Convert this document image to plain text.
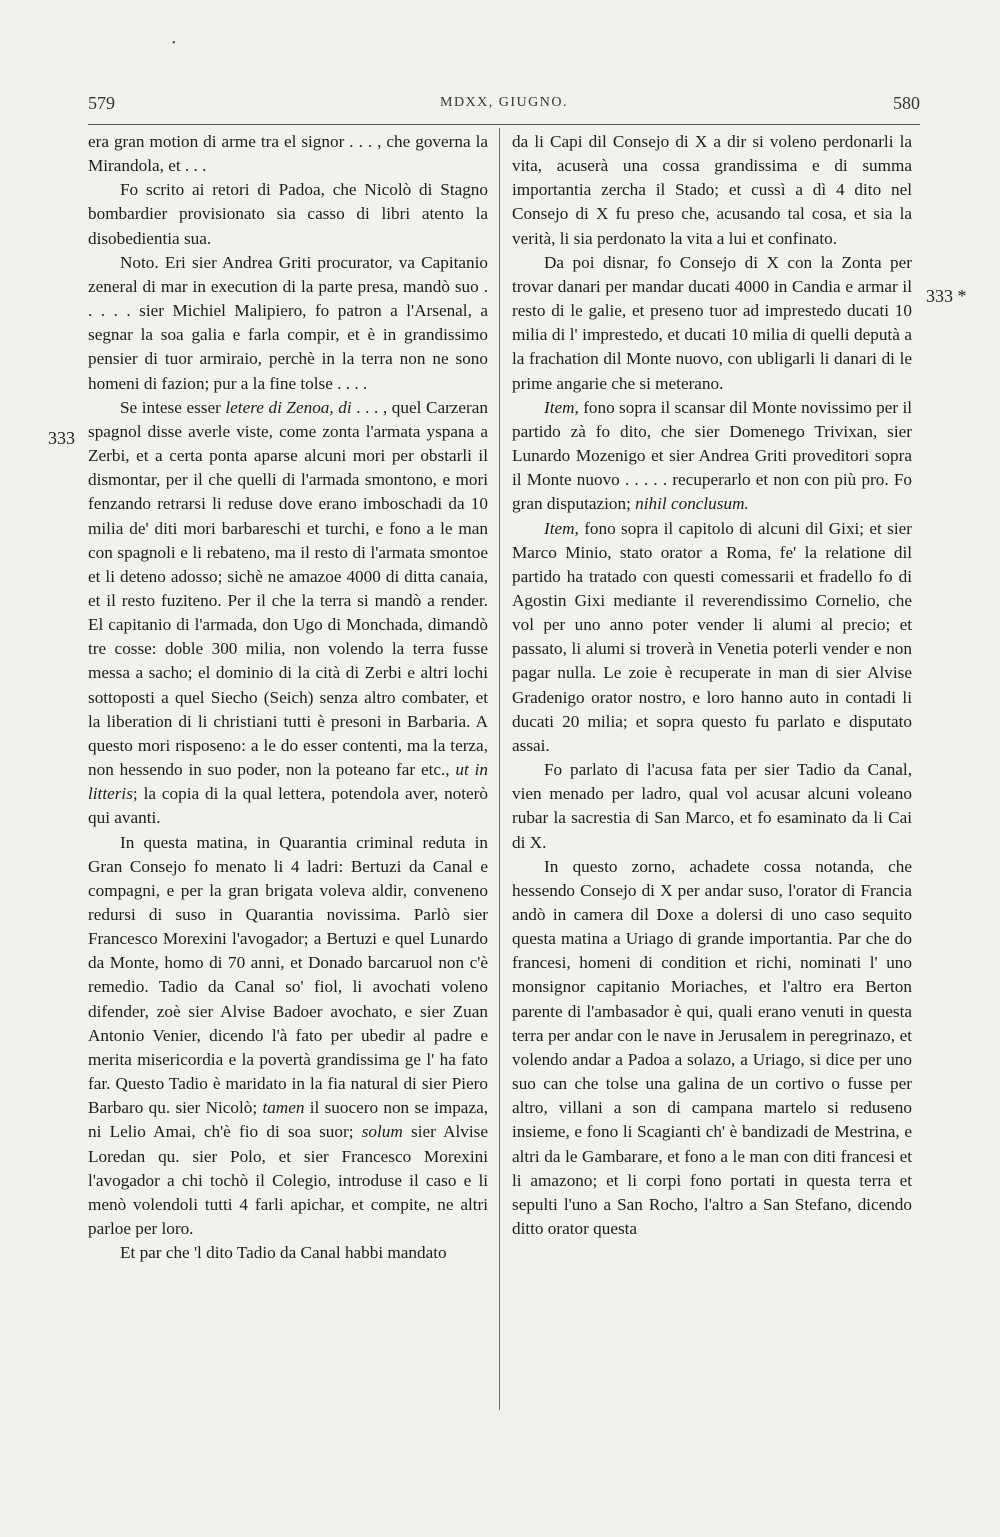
•
579	MDXX, GIUGNO.	580
333
333 *

era gran motion di arme tra el signor . . . , che governa la Mirandola, et . . .

Fo scrito ai retori di Padoa, che Nicolò di Stagno bombardier provisionato sia casso di libri atento la disobedientia sua.

Noto. Eri sier Andrea Griti procurator, va Capitanio zeneral di mar in execution di la parte presa, mandò suo . . . . . sier Michiel Malipiero, fo patron a l'Arsenal, a segnar la soa galia e farla compir, et è in grandissimo pensier di tuor armiraio, perchè in la terra non ne sono homeni di fazion; pur a la fine tolse . . . .

Se intese esser letere di Zenoa, di . . . , quel Carzeran spagnol disse averle viste, come zonta l'armata yspana a Zerbi, et a certa ponta aparse alcuni mori per obstarli il dismontar, per il che quelli di l'armada smontono, e mori fenzando retrarsi li reduse dove erano imboschadi da 10 milia de' diti mori barbareschi et turchi, e fono a le man con spagnoli e li rebateno, ma il resto di l'armata smontoe et li deteno adosso; sichè ne amazoe 4000 di ditta canaia, et il resto fuziteno. Per il che la terra si mandò a render. El capitanio di l'armada, don Ugo di Monchada, dimandò tre cosse: doble 300 milia, non volendo la terra fusse messa a sacho; el dominio di la cità di Zerbi e altri lochi sottoposti a quel Siecho (Seich) senza altro combater, et la liberation di li christiani tutti è presoni in Barbaria. A questo mori risposeno: a le do esser contenti, ma la terza, non hessendo in suo poder, non la poteano far etc., ut in litteris; la copia di la qual lettera, potendola aver, noterò qui avanti.

In questa matina, in Quarantia criminal reduta in Gran Consejo fo menato li 4 ladri: Bertuzi da Canal e compagni, e per la gran brigata voleva aldir, conveneno redursi di suso in Quarantia novissima. Parlò sier Francesco Morexini l'avogador; a Bertuzi e quel Lunardo da Monte, homo di 70 anni, et Donado barcaruol non c'è remedio. Tadio da Canal so' fiol, li avochati voleno difender, zoè sier Alvise Badoer avochato, e sier Zuan Antonio Venier, dicendo l'à fato per ubedir al padre e merita misericordia e la povertà grandissima ge l' ha fato far. Questo Tadio è maridato in la fia natural di sier Piero Barbaro qu. sier Nicolò; tamen il suocero non se impaza, ni Lelio Amai, ch'è fio di soa suor; solum sier Alvise Loredan qu. sier Polo, et sier Francesco Morexini l'avogador a chi tochò il Colegio, introduse il caso e li menò volendoli tutti 4 farli apichar, et compite, ne altri parloe per loro.

Et par che 'l dito Tadio da Canal habbi mandato

da li Capi dil Consejo di X a dir si voleno perdonarli la vita, acuserà una cossa grandissima e di summa importantia zercha il Stado; et cussì a dì 4 dito nel Consejo di X fu preso che, acusando tal cosa, et sia la verità, li sia perdonato la vita a lui et confinato.

Da poi disnar, fo Consejo di X con la Zonta per trovar danari per mandar ducati 4000 in Candia e armar il resto di le galie, et preseno tuor ad imprestedo ducati 10 milia di l' imprestedo, et ducati 10 milia di quelli deputà a la frachation dil Monte nuovo, con ubligarli li danari di le prime angarie che si meterano.

Item, fono sopra il scansar dil Monte novissimo per il partido zà fo dito, che sier Domenego Trivixan, sier Lunardo Mozenigo et sier Andrea Griti proveditori sopra il Monte nuovo . . . . . recuperarlo et non con più pro. Fo gran disputazion; nihil conclusum.

Item, fono sopra il capitolo di alcuni dil Gixi; et sier Marco Minio, stato orator a Roma, fe' la relatione dil partido ha tratado con questi comessarii et fradello fo di Agostin Gixi mediante il reverendissimo Cornelio, che vol per uno anno poter vender li alumi al precio; et passato, li alumi si troverà in Venetia poterli vender e non pagar nulla. Le zoie è recuperate in man di sier Alvise Gradenigo orator nostro, e loro hanno auto in contadi li ducati 20 milia; et sopra questo fu parlato e disputato assai.

Fo parlato di l'acusa fata per sier Tadio da Canal, vien menado per ladro, qual vol acusar alcuni voleano rubar la sacrestia di San Marco, et fo esaminato da li Cai di X.

In questo zorno, achadete cossa notanda, che hessendo Consejo di X per andar suso, l'orator di Francia andò in camera dil Doxe a dolersi di uno caso sequito questa matina a Uriago di grande importantia. Par che do francesi, homeni di condition et richi, nominati l' uno monsignor capitanio Moriaches, et l'altro era Berton parente di l'ambasador è qui, quali erano venuti in questa terra per andar con le nave in Jerusalem in peregrinazo, et volendo andar a Padoa a solazo, a Uriago, si dice per uno suo can che tolse una galina de un cortivo o fusse per altro, villani a son di campana martelo si reduseno insieme, e fono li Scagianti ch' è bandizadi de Mestrina, e altri da le Gambarare, et fono a le man con diti francesi et li amazono; et li corpi fono portati in questa terra et sepulti l'uno a San Rocho, l'altro a San Stefano, dicendo ditto orator questa
